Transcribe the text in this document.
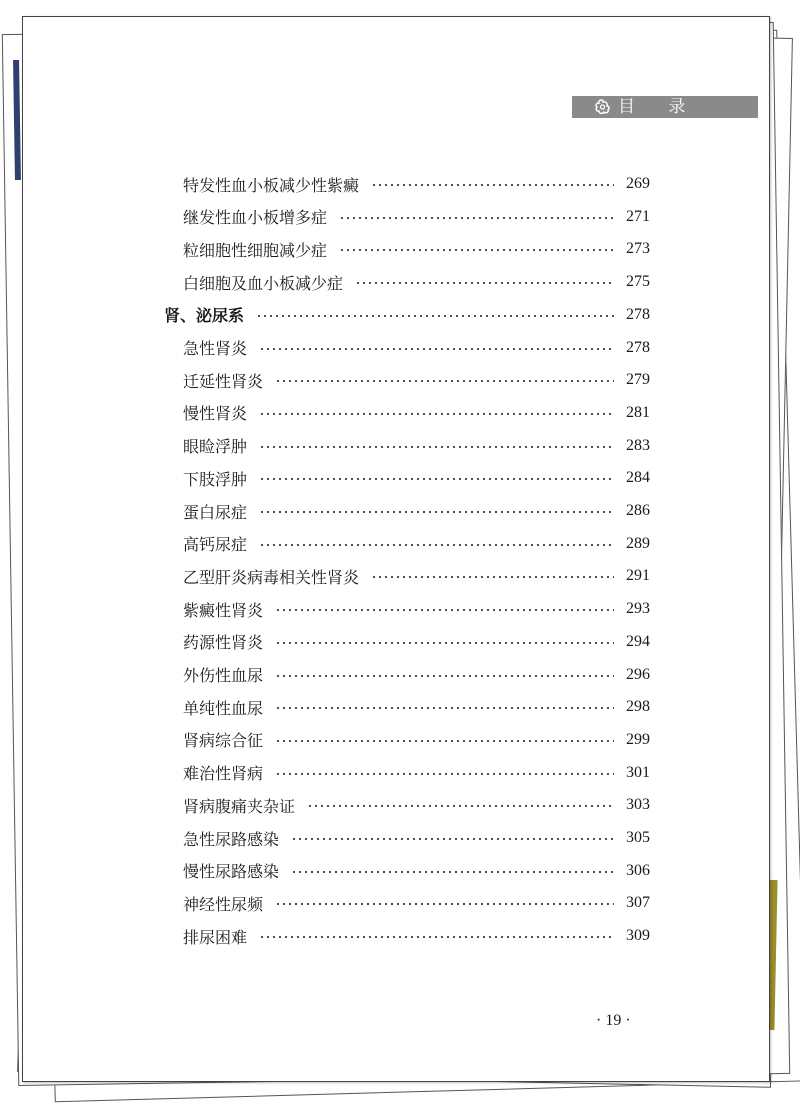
目 录
特发性血小板减少性紫癜	269
继发性血小板增多症	271
粒细胞性细胞减少症	273
白细胞及血小板减少症	275
肾、泌尿系	278
急性肾炎	278
迁延性肾炎	279
慢性肾炎	281
眼睑浮肿	283
下肢浮肿	284
蛋白尿症	286
高钙尿症	289
乙型肝炎病毒相关性肾炎	291
紫癜性肾炎	293
药源性肾炎	294
外伤性血尿	296
单纯性血尿	298
肾病综合征	299
难治性肾病	301
肾病腹痛夹杂证	303
急性尿路感染	305
慢性尿路感染	306
神经性尿频	307
排尿困难	309
· 19 ·
